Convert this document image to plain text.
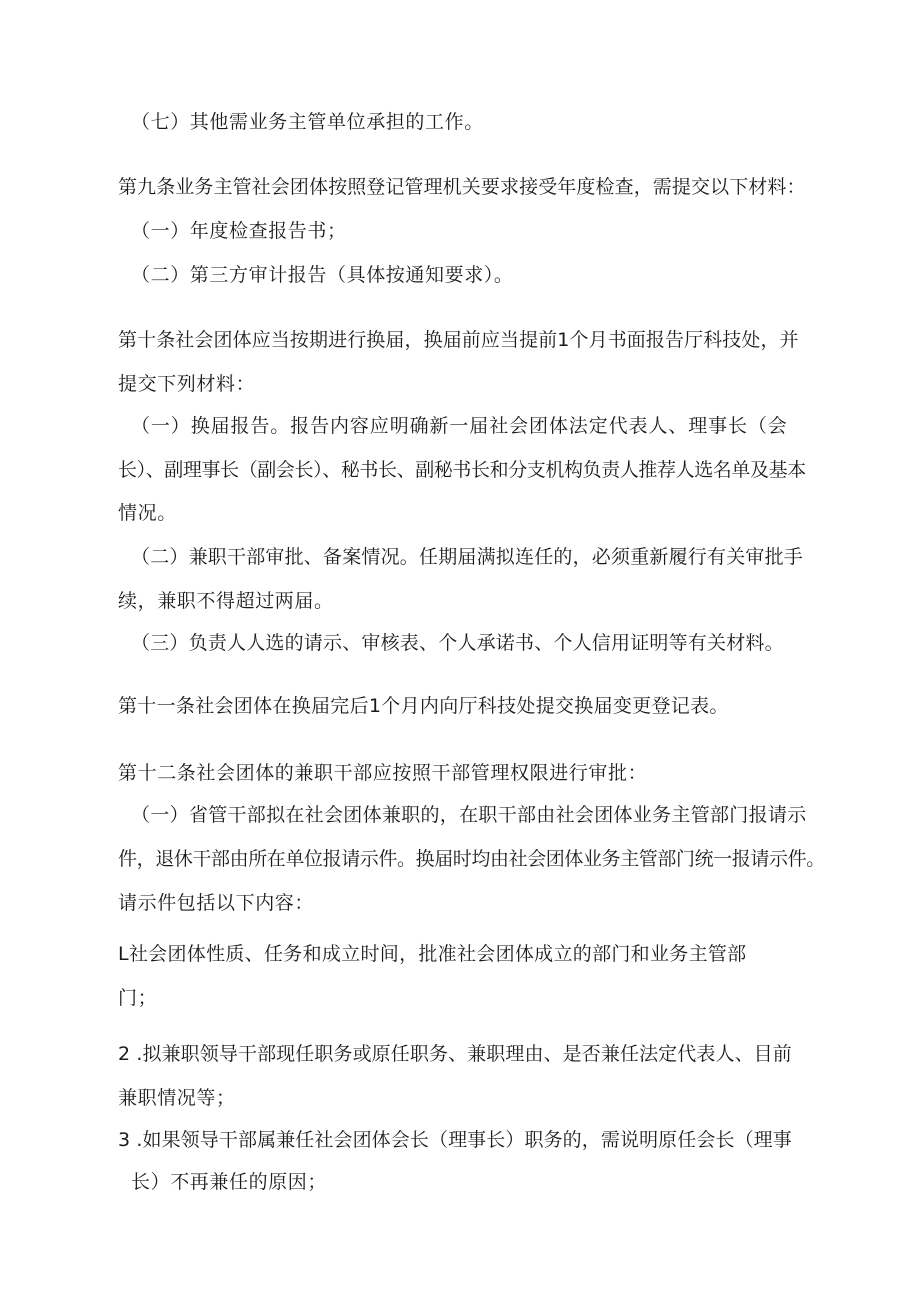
（七）其他需业务主管单位承担的工作。
第九条业务主管社会团体按照登记管理机关要求接受年度检查，需提交以下材料：
（一）年度检查报告书；
（二）第三方审计报告（具体按通知要求）。
第十条社会团体应当按期进行换届，换届前应当提前1个月书面报告厅科技处，并
提交下列材料：
（一）换届报告。报告内容应明确新一届社会团体法定代表人、理事长（会
长）、副理事长（副会长）、秘书长、副秘书长和分支机构负责人推荐人选名单及基本
情况。
（二）兼职干部审批、备案情况。任期届满拟连任的，必须重新履行有关审批手
续，兼职不得超过两届。
（三）负责人人选的请示、审核表、个人承诺书、个人信用证明等有关材料。
第十一条社会团体在换届完后1个月内向厅科技处提交换届变更登记表。
第十二条社会团体的兼职干部应按照干部管理权限进行审批：
（一）省管干部拟在社会团体兼职的，在职干部由社会团体业务主管部门报请示
件，退休干部由所在单位报请示件。换届时均由社会团体业务主管部门统一报请示件。
请示件包括以下内容：
L社会团体性质、任务和成立时间，批准社会团体成立的部门和业务主管部
门；
2 .拟兼职领导干部现任职务或原任职务、兼职理由、是否兼任法定代表人、目前
兼职情况等；
3 .如果领导干部属兼任社会团体会长（理事长）职务的，需说明原任会长（理事
长）不再兼任的原因；
